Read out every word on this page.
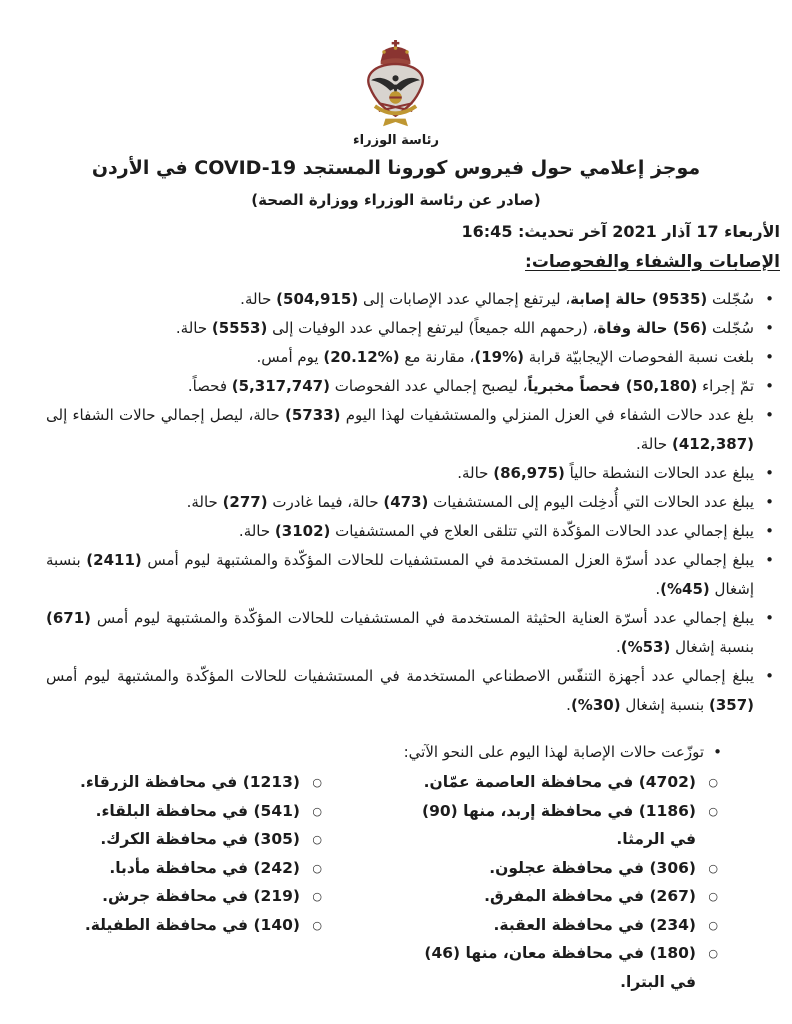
رئاسة الوزراء
موجز إعلامي حول فيروس كورونا المستجد COVID-19 في الأردن
(صادر عن رئاسة الوزراء ووزارة الصحة)
الأربعاء 17 آذار 2021 آخر تحديث: 16:45
الإصابات والشفاء والفحوصات:
• سُجّلت (9535) حالة إصابة، ليرتفع إجمالي عدد الإصابات إلى (504,915) حالة.
• سُجّلت (56) حالة وفاة، (رحمهم الله جميعاً) ليرتفع إجمالي عدد الوفيات إلى (5553) حالة.
• بلغت نسبة الفحوصات الإيجابيّة قرابة (19%)، مقارنة مع (20.12%) يوم أمس.
• تمّ إجراء (50,180) فحصاً مخبرياً، ليصبح إجمالي عدد الفحوصات (5,317,747) فحصاً.
• بلغ عدد حالات الشفاء في العزل المنزلي والمستشفيات لهذا اليوم (5733) حالة، ليصل إجمالي حالات الشفاء إلى (412,387) حالة.
• يبلغ عدد الحالات النشطة حالياً (86,975) حالة.
• يبلغ عدد الحالات التي أُدخِلت اليوم إلى المستشفيات (473) حالة، فيما غادرت (277) حالة.
• يبلغ إجمالي عدد الحالات المؤكّدة التي تتلقى العلاج في المستشفيات (3102) حالة.
• يبلغ إجمالي عدد أسرّة العزل المستخدمة في المستشفيات للحالات المؤكّدة والمشتبهة ليوم أمس (2411) بنسبة إشغال (%45).
• يبلغ إجمالي عدد أسرّة العناية الحثيثة المستخدمة في المستشفيات للحالات المؤكّدة والمشتبهة ليوم أمس (671) بنسبة إشغال (%53).
• يبلغ إجمالي عدد أجهزة التنفّس الاصطناعي المستخدمة في المستشفيات للحالات المؤكّدة والمشتبهة ليوم أمس (357) بنسبة إشغال (%30).
• توزّعت حالات الإصابة لهذا اليوم على النحو الآتي:
○ (4702) في محافظة العاصمة عمّان.
○ (1186) في محافظة إربد، منها (90) في الرمثا.
○ (306) في محافظة عجلون.
○ (267) في محافظة المفرق.
○ (234) في محافظة العقبة.
○ (180) في محافظة معان، منها (46) في البترا.
○ (1213) في محافظة الزرقاء.
○ (541) في محافظة البلقاء.
○ (305) في محافظة الكرك.
○ (242) في محافظة مأدبا.
○ (219) في محافظة جرش.
○ (140) في محافظة الطفيلة.
